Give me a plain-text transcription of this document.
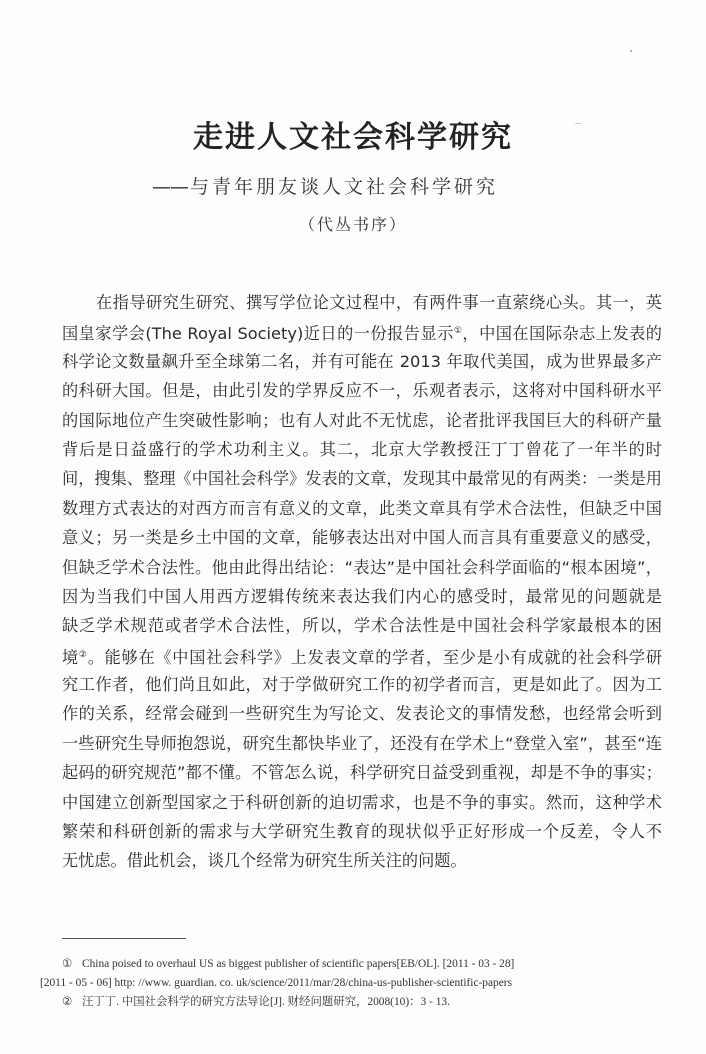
走进人文社会科学研究
—— 与青年朋友谈人文社会科学研究
（代丛书序）
在指导研究生研究、撰写学位论文过程中，有两件事一直萦绕心头。其一，英
国皇家学会(The Royal Society)近日的一份报告显示①，中国在国际杂志上发表的
科学论文数量飙升至全球第二名，并有可能在 2013 年取代美国，成为世界最多产
的科研大国。但是，由此引发的学界反应不一，乐观者表示，这将对中国科研水平
的国际地位产生突破性影响；也有人对此不无忧虑，论者批评我国巨大的科研产量
背后是日益盛行的学术功利主义。其二，北京大学教授汪丁丁曾花了一年半的时
间，搜集、整理《中国社会科学》发表的文章，发现其中最常见的有两类：一类是用
数理方式表达的对西方而言有意义的文章，此类文章具有学术合法性，但缺乏中国
意义；另一类是乡土中国的文章，能够表达出对中国人而言具有重要意义的感受，
但缺乏学术合法性。他由此得出结论：“表达”是中国社会科学面临的“根本困境”，
因为当我们中国人用西方逻辑传统来表达我们内心的感受时，最常见的问题就是
缺乏学术规范或者学术合法性，所以，学术合法性是中国社会科学家最根本的困
境②。能够在《中国社会科学》上发表文章的学者，至少是小有成就的社会科学研
究工作者，他们尚且如此，对于学做研究工作的初学者而言，更是如此了。因为工
作的关系，经常会碰到一些研究生为写论文、发表论文的事情发愁，也经常会听到
一些研究生导师抱怨说，研究生都快毕业了，还没有在学术上“登堂入室”，甚至“连
起码的研究规范”都不懂。不管怎么说，科学研究日益受到重视，却是不争的事实；
中国建立创新型国家之于科研创新的迫切需求，也是不争的事实。然而，这种学术
繁荣和科研创新的需求与大学研究生教育的现状似乎正好形成一个反差，令人不
无忧虑。借此机会，谈几个经常为研究生所关注的问题。
① China poised to overhaul US as biggest publisher of scientific papers[EB/OL]. [2011 - 03 - 28]
[2011 - 05 - 06] http: //www. guardian. co. uk/science/2011/mar/28/china-us-publisher-scientific-papers
② 汪丁丁. 中国社会科学的研究方法导论[J]. 财经问题研究，2008(10)：3 - 13.
